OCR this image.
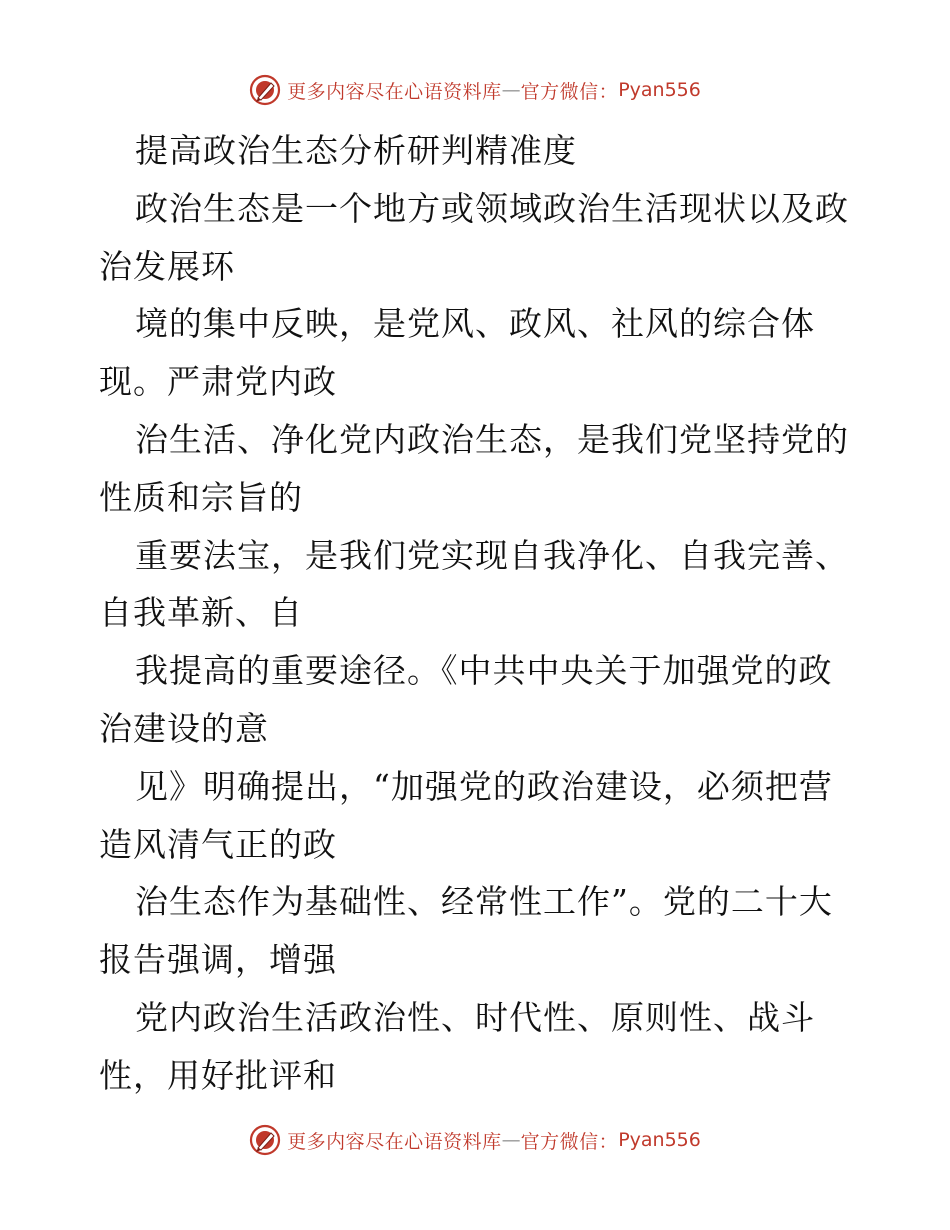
更多内容尽在心语资料库 — 官方微信： Pyan556
提高政治生态分析研判精准度
政治生态是一个地方或领域政治生活现状以及政
治发展环
境的集中反映，是党风、政风、社风的综合体
现。严肃党内政
治生活、净化党内政治生态，是我们党坚持党的
性质和宗旨的
重要法宝，是我们党实现自我净化、自我完善、
自我革新、自
我提高的重要途径。《中共中央关于加强党的政
治建设的意
见》明确提出，“加强党的政治建设，必须把营
造风清气正的政
治生态作为基础性、经常性工作”。党的二十大
报告强调，增强
党内政治生活政治性、时代性、原则性、战斗
性，用好批评和
更多内容尽在心语资料库 — 官方微信： Pyan556
